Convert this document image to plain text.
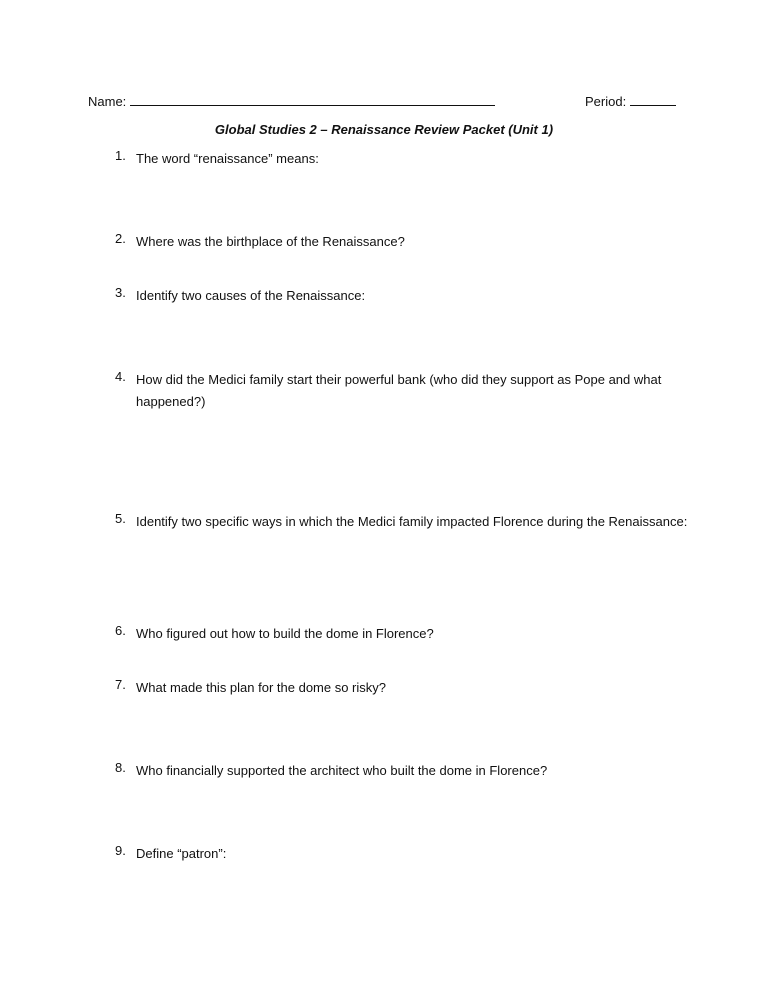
Name:	Period:
Global Studies 2 – Renaissance Review Packet (Unit 1)
1. The word “renaissance” means:
2. Where was the birthplace of the Renaissance?
3. Identify two causes of the Renaissance:
4. How did the Medici family start their powerful bank (who did they support as Pope and what happened?)
5. Identify two specific ways in which the Medici family impacted Florence during the Renaissance:
6. Who figured out how to build the dome in Florence?
7. What made this plan for the dome so risky?
8. Who financially supported the architect who built the dome in Florence?
9. Define “patron”:
